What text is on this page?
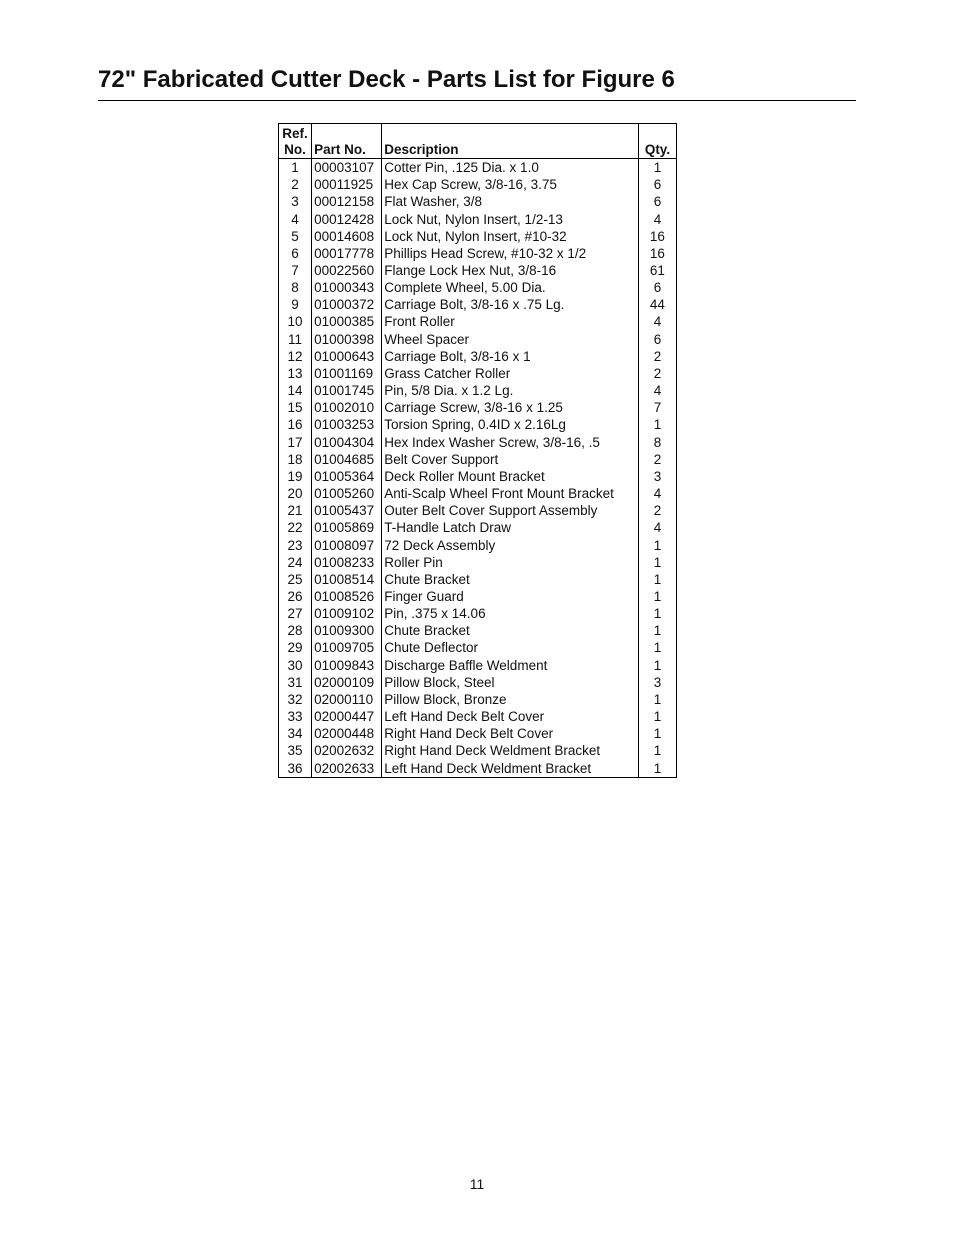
72" Fabricated Cutter Deck - Parts List for Figure 6
Ref.
No.	Part No.	Description	Qty.
1	00003107	Cotter Pin, .125 Dia. x 1.0	1
2	00011925	Hex Cap Screw, 3/8-16, 3.75	6
3	00012158	Flat Washer, 3/8	6
4	00012428	Lock Nut, Nylon Insert, 1/2-13	4
5	00014608	Lock Nut, Nylon Insert, #10-32	16
6	00017778	Phillips Head Screw, #10-32 x 1/2	16
7	00022560	Flange Lock Hex Nut, 3/8-16	61
8	01000343	Complete Wheel, 5.00 Dia.	6
9	01000372	Carriage Bolt, 3/8-16 x .75 Lg.	44
10	01000385	Front Roller	4
11	01000398	Wheel Spacer	6
12	01000643	Carriage Bolt, 3/8-16 x 1	2
13	01001169	Grass Catcher Roller	2
14	01001745	Pin, 5/8 Dia. x 1.2 Lg.	4
15	01002010	Carriage Screw, 3/8-16 x 1.25	7
16	01003253	Torsion Spring, 0.4ID x 2.16Lg	1
17	01004304	Hex Index Washer Screw, 3/8-16, .5	8
18	01004685	Belt Cover Support	2
19	01005364	Deck Roller Mount Bracket	3
20	01005260	Anti-Scalp Wheel Front Mount Bracket	4
21	01005437	Outer Belt Cover Support Assembly	2
22	01005869	T-Handle Latch Draw	4
23	01008097	72 Deck Assembly	1
24	01008233	Roller Pin	1
25	01008514	Chute Bracket	1
26	01008526	Finger Guard	1
27	01009102	Pin, .375 x 14.06	1
28	01009300	Chute Bracket	1
29	01009705	Chute Deflector	1
30	01009843	Discharge Baffle Weldment	1
31	02000109	Pillow Block, Steel	3
32	02000110	Pillow Block, Bronze	1
33	02000447	Left Hand Deck Belt Cover	1
34	02000448	Right Hand Deck Belt Cover	1
35	02002632	Right Hand Deck Weldment Bracket	1
36	02002633	Left Hand Deck Weldment Bracket	1
11
